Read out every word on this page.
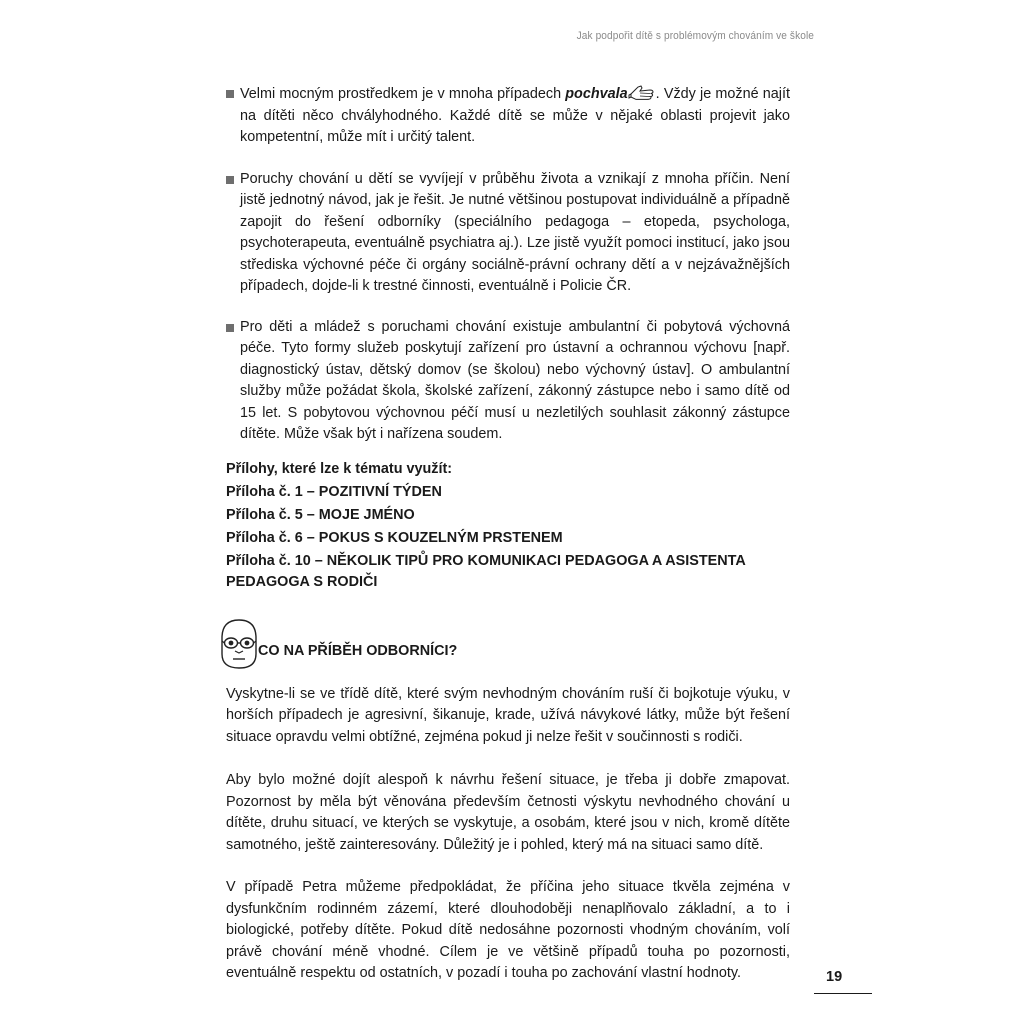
Jak podpořit dítě s problémovým chováním ve škole

Velmi mocným prostředkem je v mnoha případech pochvala . Vždy je možné najít na dítěti něco chvályhodného. Každé dítě se může v nějaké oblasti projevit jako kompetentní, může mít i určitý talent.

Poruchy chování u dětí se vyvíjejí v průběhu života a vznikají z mnoha příčin. Není jistě jednotný návod, jak je řešit. Je nutné většinou postupovat individuálně a případně zapojit do řešení odborníky (speciálního pedagoga – etopeda, psychologa, psychoterapeuta, eventuálně psychiatra aj.). Lze jistě využít pomoci institucí, jako jsou střediska výchovné péče či orgány sociálně-právní ochrany dětí a v nejzávažnějších případech, dojde-li k trestné činnosti, eventuálně i Policie ČR.

Pro děti a mládež s poruchami chování existuje ambulantní či pobytová výchovná péče. Tyto formy služeb poskytují zařízení pro ústavní a ochrannou výchovu [např. diagnostický ústav, dětský domov (se školou) nebo výchovný ústav]. O ambulantní služby může požádat škola, školské zařízení, zákonný zástupce nebo i samo dítě od 15 let. S pobytovou výchovnou péčí musí u nezletilých souhlasit zákonný zástupce dítěte. Může však být i nařízena soudem.

Přílohy, které lze k tématu využít:
Příloha č. 1 – POZITIVNÍ TÝDEN
Příloha č. 5 – MOJE JMÉNO
Příloha č. 6 – POKUS S KOUZELNÝM PRSTENEM
Příloha č. 10 – NĚKOLIK TIPŮ PRO KOMUNIKACI PEDAGOGA A ASISTENTA PEDAGOGA S RODIČI
CO NA PŘÍBĚH ODBORNÍCI?

Vyskytne-li se ve třídě dítě, které svým nevhodným chováním ruší či bojkotuje výuku, v horších případech je agresivní, šikanuje, krade, užívá návykové látky, může být řešení situace opravdu velmi obtížné, zejména pokud ji nelze řešit v součinnosti s rodiči.

Aby bylo možné dojít alespoň k návrhu řešení situace, je třeba ji dobře zmapovat. Pozornost by měla být věnována především četnosti výskytu nevhodného chování u dítěte, druhu situací, ve kterých se vyskytuje, a osobám, které jsou v nich, kromě dítěte samotného, ještě zainteresovány. Důležitý je i pohled, který má na situaci samo dítě.

V případě Petra můžeme předpokládat, že příčina jeho situace tkvěla zejména v dysfunkčním rodinném zázemí, které dlouhodoběji nenaplňovalo základní, a to i biologické, potřeby dítěte. Pokud dítě nedosáhne pozornosti vhodným chováním, volí právě chování méně vhodné. Cílem je ve většině případů touha po pozornosti, eventuálně respektu od ostatních, v pozadí i touha po zachování vlastní hodnoty.	19
